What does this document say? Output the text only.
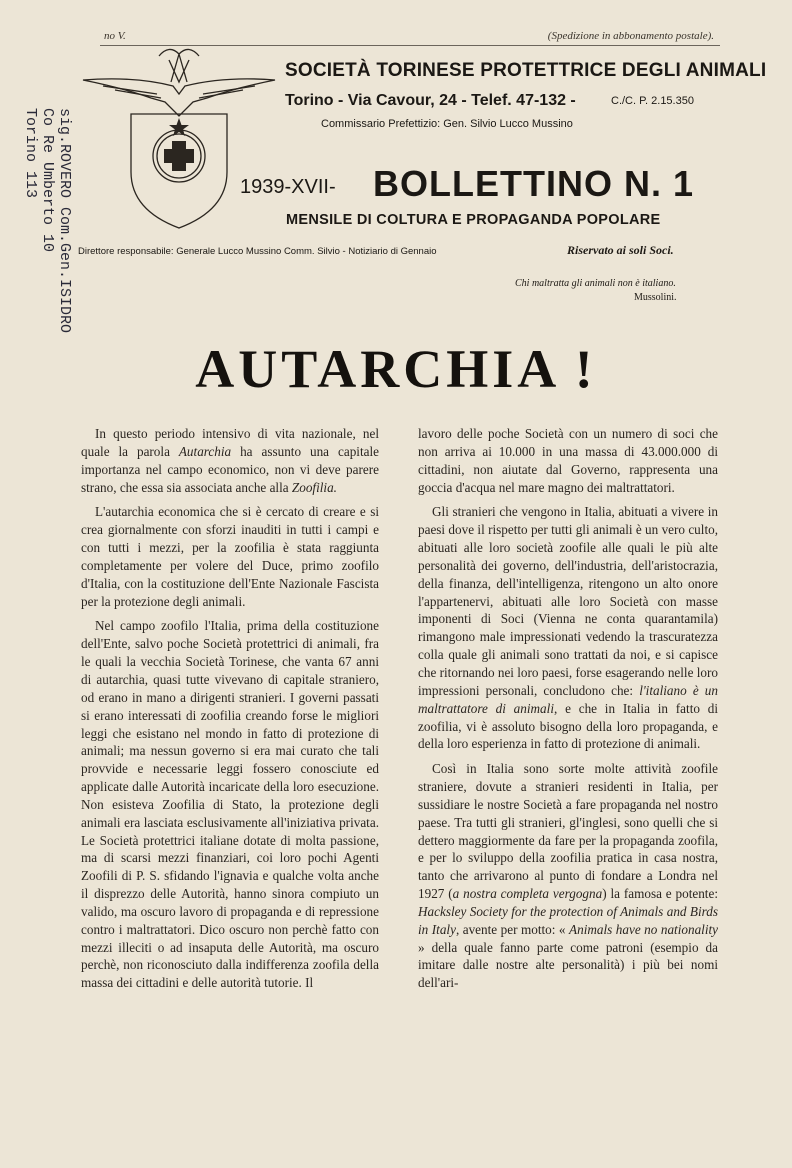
no V.	(Spedizione in abbonamento postale).
SOCIETÀ TORINESE PROTETTRICE DEGLI ANIMALI
Torino - Via Cavour, 24 - Telef. 47-132 -	C./C. P. 2.15.350
Commissario Prefettizio: Gen. Silvio Lucco Mussino
1939-XVII- BOLLETTINO N. 1
MENSILE DI COLTURA E PROPAGANDA POPOLARE
Direttore responsabile: Generale Lucco Mussino Comm. Silvio - Notiziario di Gennaio	Riservato ai soli Soci.
Chi maltratta gli animali non è italiano.
Mussolini.
sig.ROVERO Com.Gen.ISIDRO
Co Re Umberto 10
Torino 113
AUTARCHIA !

In questo periodo intensivo di vita nazionale, nel quale la parola Autarchia ha assunto una capitale importanza nel campo economico, non vi deve parere strano, che essa sia associata anche alla Zoofilia.

L'autarchia economica che si è cercato di creare e si crea giornalmente con sforzi inauditi in tutti i campi e con tutti i mezzi, per la zoofilia è stata raggiunta completamente per volere del Duce, primo zoofilo d'Italia, con la costituzione dell'Ente Nazionale Fascista per la protezione degli animali.

Nel campo zoofilo l'Italia, prima della costituzione dell'Ente, salvo poche Società protettrici di animali, fra le quali la vecchia Società Torinese, che vanta 67 anni di autarchia, quasi tutte vivevano di capitale straniero, od erano in mano a dirigenti stranieri. I governi passati si erano interessati di zoofilia creando forse le migliori leggi che esistano nel mondo in fatto di protezione di animali; ma nessun governo si era mai curato che tali provvide e necessarie leggi fossero conosciute ed applicate dalle Autorità incaricate della loro esecuzione. Non esisteva Zoofilia di Stato, la protezione degli animali era lasciata esclusivamente all'iniziativa privata. Le Società protettrici italiane dotate di molta passione, ma di scarsi mezzi finanziari, coi loro pochi Agenti Zoofili di P. S. sfidando l'ignavia e qualche volta anche il disprezzo delle Autorità, hanno sinora compiuto un valido, ma oscuro lavoro di propaganda e di repressione contro i maltrattatori. Dico oscuro non perchè fatto con mezzi illeciti o ad insaputa delle Autorità, ma oscuro perchè, non riconosciuto dalla indifferenza zoofila della massa dei cittadini e delle autorità tutorie. Il

lavoro delle poche Società con un numero di soci che non arriva ai 10.000 in una massa di 43.000.000 di cittadini, non aiutate dal Governo, rappresenta una goccia d'acqua nel mare magno dei maltrattatori.

Gli stranieri che vengono in Italia, abituati a vivere in paesi dove il rispetto per tutti gli animali è un vero culto, abituati alle loro società zoofile alle quali le più alte personalità dei governo, dell'industria, dell'aristocrazia, della finanza, dell'intelligenza, ritengono un alto onore l'appartenervi, abituati alle loro Società con masse imponenti di Soci (Vienna ne conta quarantamila) rimangono male impressionati vedendo la trascuratezza colla quale gli animali sono trattati da noi, e si capisce che ritornando nei loro paesi, forse esagerando nelle loro impressioni personali, concludono che: l'italiano è un maltrattatore di animali, e che in Italia in fatto di zoofilia, vi è assoluto bisogno della loro propaganda, e della loro esperienza in fatto di protezione di animali.

Così in Italia sono sorte molte attività zoofile straniere, dovute a stranieri residenti in Italia, per sussidiare le nostre Società a fare propaganda nel nostro paese. Tra tutti gli stranieri, gl'inglesi, sono quelli che si dettero maggiormente da fare per la propaganda zoofila, e per lo sviluppo della zoofilia pratica in casa nostra, tanto che arrivarono al punto di fondare a Londra nel 1927 (a nostra completa vergogna) la famosa e potente: Hacksley Society for the protection of Animals and Birds in Italy, avente per motto: « Animals have no nationality » della quale fanno parte come patroni (esempio da imitare dalle nostre alte personalità) i più bei nomi dell'ari-
